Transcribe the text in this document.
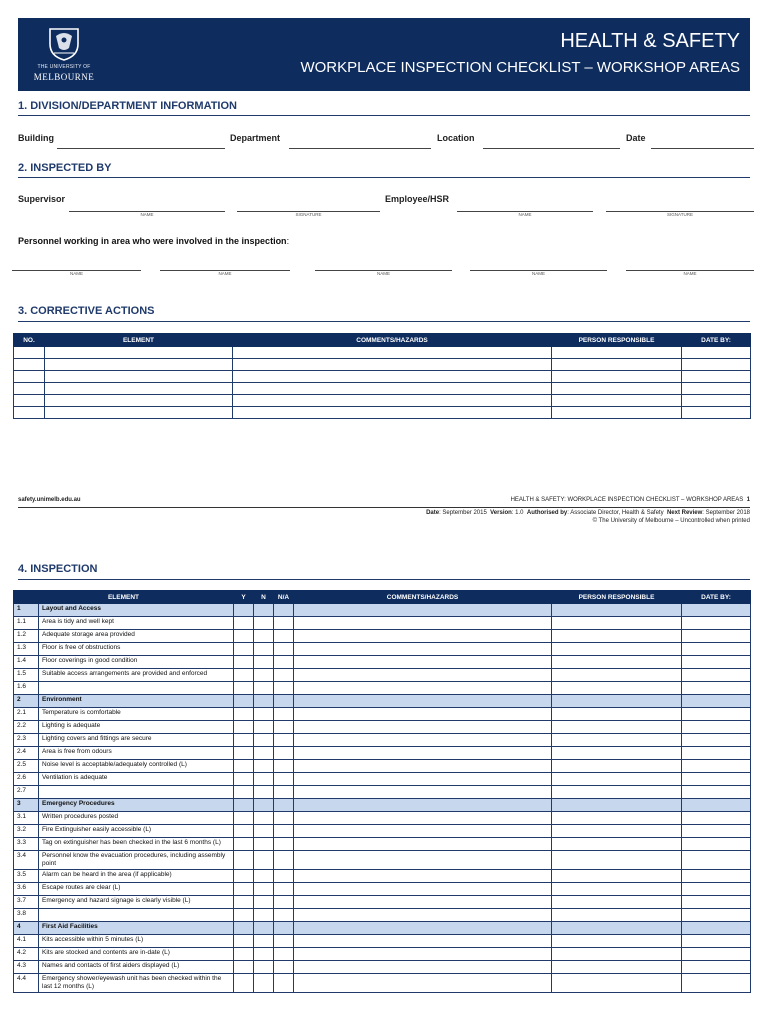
THE UNIVERSITY OF
MELBOURNE
HEALTH & SAFETY
WORKPLACE INSPECTION CHECKLIST – WORKSHOP AREAS
1. DIVISION/DEPARTMENT INFORMATION
Building	Department	Location	Date
2. INSPECTED BY
Supervisor
NAME	SIGNATURE
Employee/HSR
NAME	SIGNATURE
Personnel working in area who were involved in the inspection:
NAME	NAME	NAME	NAME	NAME
3. CORRECTIVE ACTIONS
NO.	ELEMENT	COMMENTS/HAZARDS	PERSON RESPONSIBLE	DATE BY:

safety.unimelb.edu.au	HEALTH & SAFETY: WORKPLACE INSPECTION CHECKLIST – WORKSHOP AREAS 1
Date: September 2015 Version: 1.0 Authorised by: Associate Director, Health & Safety Next Review: September 2018
© The University of Melbourne – Uncontrolled when printed
4. INSPECTION
ELEMENT		Y	N	N/A	COMMENTS/HAZARDS	PERSON RESPONSIBLE	DATE BY:
1	Layout and Access						
1.1	Area is tidy and well kept						
1.2	Adequate storage area provided						
1.3	Floor is free of obstructions						
1.4	Floor coverings in good condition						
1.5	Suitable access arrangements are provided and enforced						
1.6							
2	Environment						
2.1	Temperature is comfortable						
2.2	Lighting is adequate						
2.3	Lighting covers and fittings are secure						
2.4	Area is free from odours						
2.5	Noise level is acceptable/adequately controlled (L)						
2.6	Ventilation is adequate						
2.7							
3	Emergency Procedures						
3.1	Written procedures posted						
3.2	Fire Extinguisher easily accessible (L)						
3.3	Tag on extinguisher has been checked in the last 6 months (L)						
3.4	Personnel know the evacuation procedures, including assembly point						
3.5	Alarm can be heard in the area (if applicable)						
3.6	Escape routes are clear (L)						
3.7	Emergency and hazard signage is clearly visible (L)						
3.8							
4	First Aid Facilities						
4.1	Kits accessible within 5 minutes (L)						
4.2	Kits are stocked and contents are in-date (L)						
4.3	Names and contacts of first aiders displayed (L)						
4.4	Emergency shower/eyewash unit has been checked within the last 12 months (L)						
